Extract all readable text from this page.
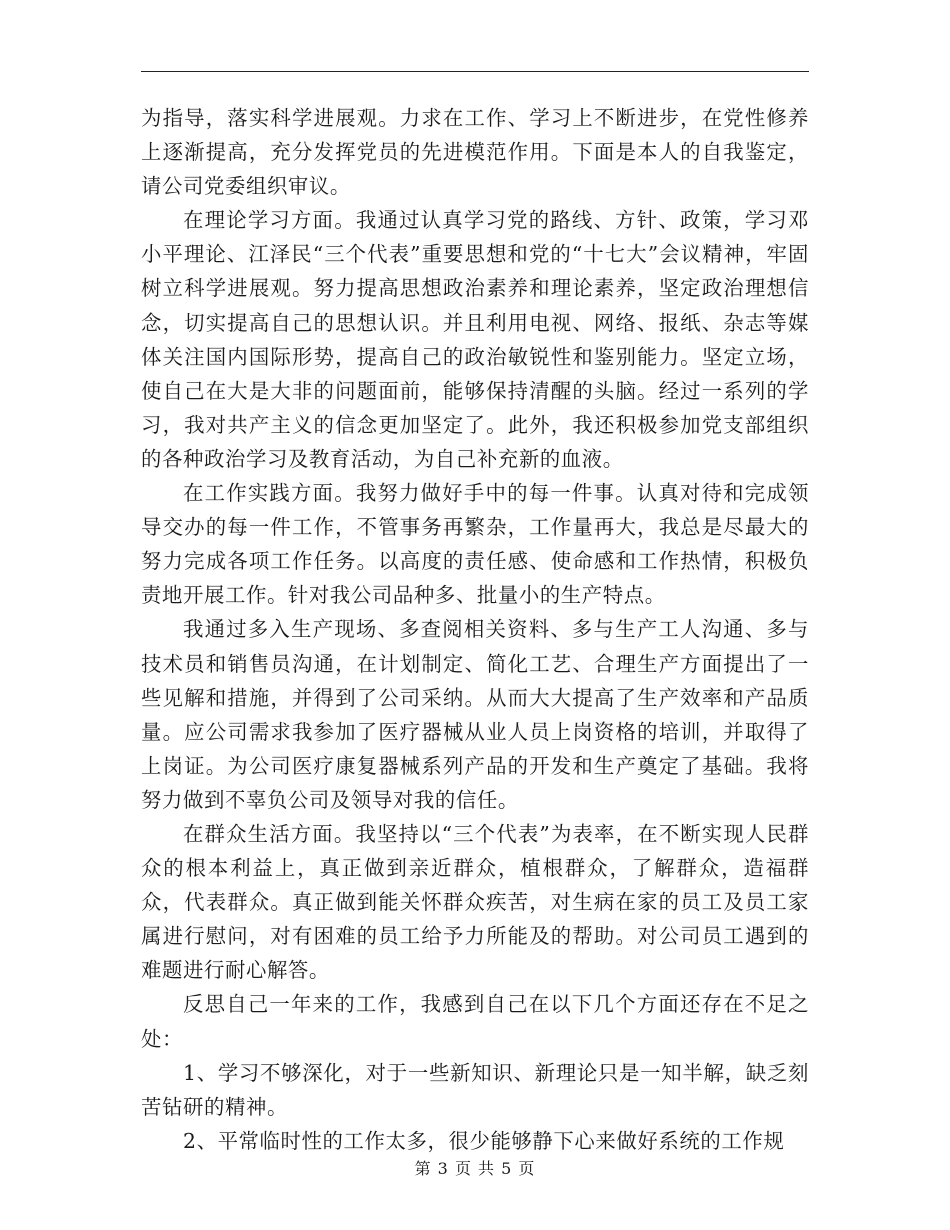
为指导，落实科学进展观。力求在工作、学习上不断进步，在党性修养上逐渐提高，充分发挥党员的先进模范作用。下面是本人的自我鉴定，请公司党委组织审议。

在理论学习方面。我通过认真学习党的路线、方针、政策，学习邓小平理论、江泽民“三个代表”重要思想和党的“十七大”会议精神，牢固树立科学进展观。努力提高思想政治素养和理论素养，坚定政治理想信念，切实提高自己的思想认识。并且利用电视、网络、报纸、杂志等媒体关注国内国际形势，提高自己的政治敏锐性和鉴别能力。坚定立场，使自己在大是大非的问题面前，能够保持清醒的头脑。经过一系列的学习，我对共产主义的信念更加坚定了。此外，我还积极参加党支部组织的各种政治学习及教育活动，为自己补充新的血液。

在工作实践方面。我努力做好手中的每一件事。认真对待和完成领导交办的每一件工作，不管事务再繁杂，工作量再大，我总是尽最大的努力完成各项工作任务。以高度的责任感、使命感和工作热情，积极负责地开展工作。针对我公司品种多、批量小的生产特点。

我通过多入生产现场、多查阅相关资料、多与生产工人沟通、多与技术员和销售员沟通，在计划制定、简化工艺、合理生产方面提出了一些见解和措施，并得到了公司采纳。从而大大提高了生产效率和产品质量。应公司需求我参加了医疗器械从业人员上岗资格的培训，并取得了上岗证。为公司医疗康复器械系列产品的开发和生产奠定了基础。我将努力做到不辜负公司及领导对我的信任。

在群众生活方面。我坚持以“三个代表”为表率，在不断实现人民群众的根本利益上，真正做到亲近群众，植根群众，了解群众，造福群众，代表群众。真正做到能关怀群众疾苦，对生病在家的员工及员工家属进行慰问，对有困难的员工给予力所能及的帮助。对公司员工遇到的难题进行耐心解答。

反思自己一年来的工作，我感到自己在以下几个方面还存在不足之处：

1、学习不够深化，对于一些新知识、新理论只是一知半解，缺乏刻苦钻研的精神。

2、平常临时性的工作太多，很少能够静下心来做好系统的工作规

第 3 页 共 5 页
